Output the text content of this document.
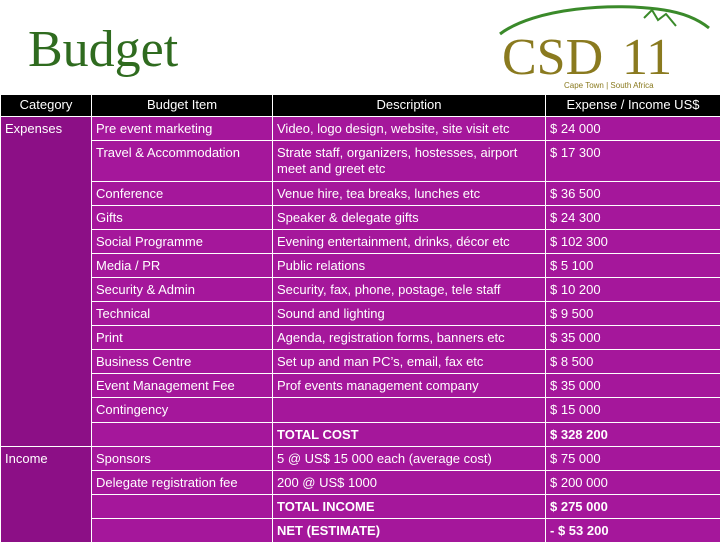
Budget	CSD 11
Cape Town | South Africa
Category	Budget Item	Description	Expense / Income US$
Expenses	Pre event marketing	Video, logo design, website, site visit etc	$ 24 000
	Travel & Accommodation	Strate staff, organizers, hostesses, airport meet and greet etc	$ 17 300
	Conference	Venue hire, tea breaks, lunches etc	$ 36 500
	Gifts	Speaker & delegate gifts	$ 24 300
	Social Programme	Evening entertainment, drinks, décor etc	$ 102 300
	Media / PR	Public relations	$ 5 100
	Security & Admin	Security, fax, phone, postage, tele staff	$ 10 200
	Technical	Sound and lighting	$ 9 500
	Print	Agenda, registration forms, banners etc	$ 35 000
	Business Centre	Set up and man PC’s, email, fax etc	$ 8 500
	Event Management Fee	Prof events management company	$ 35 000
	Contingency		$ 15 000
		TOTAL COST	$ 328 200
Income	Sponsors	5 @ US$ 15 000 each (average cost)	$ 75 000
	Delegate registration fee	200 @ US$ 1000	$ 200 000
		TOTAL INCOME	$ 275 000
		NET (ESTIMATE)	- $ 53 200
